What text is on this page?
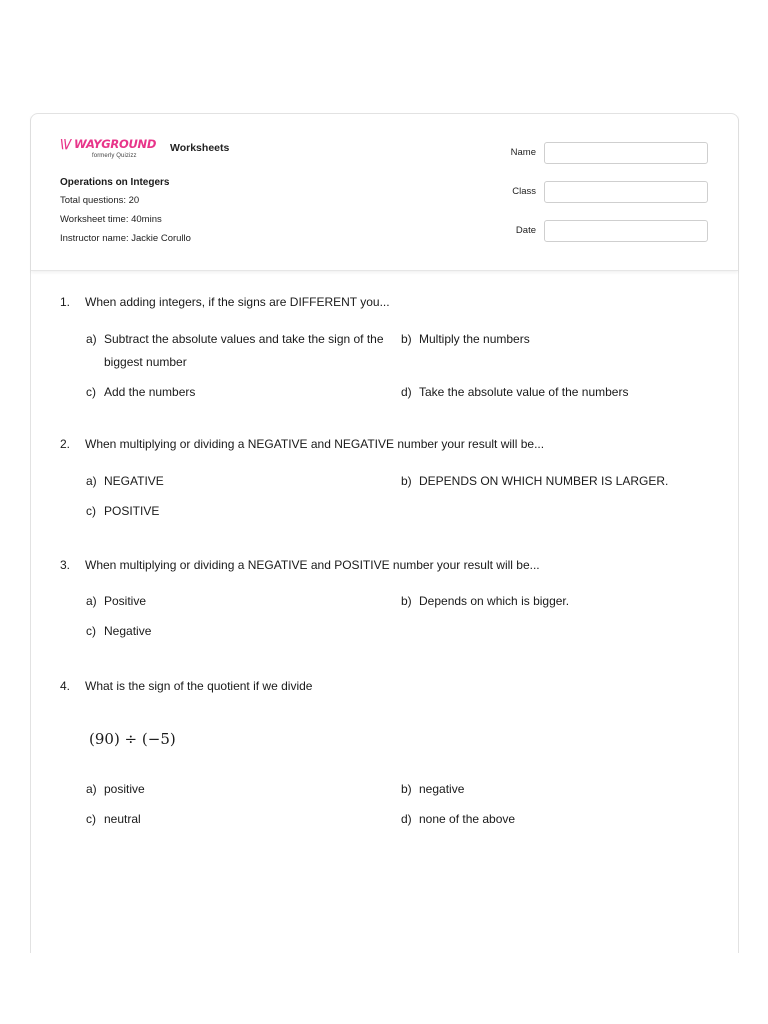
\\/ WAYGROUND
formerly Quizizz
Worksheets
Operations on Integers
Total questions: 20
Worksheet time: 40mins
Instructor name: Jackie Corullo
Name
Class
Date
1.	When adding integers, if the signs are DIFFERENT you...
a) Subtract the absolute values and take the sign of the biggest number
b) Multiply the numbers
c) Add the numbers	d) Take the absolute value of the numbers
2.	When multiplying or dividing a NEGATIVE and NEGATIVE number your result will be...
a) NEGATIVE	b) DEPENDS ON WHICH NUMBER IS LARGER.
c) POSITIVE
3.	When multiplying or dividing a NEGATIVE and POSITIVE number your result will be...
a) Positive	b) Depends on which is bigger.
c) Negative
4.	What is the sign of the quotient if we divide
(90) ÷ (−5)
a) positive	b) negative
c) neutral	d) none of the above
